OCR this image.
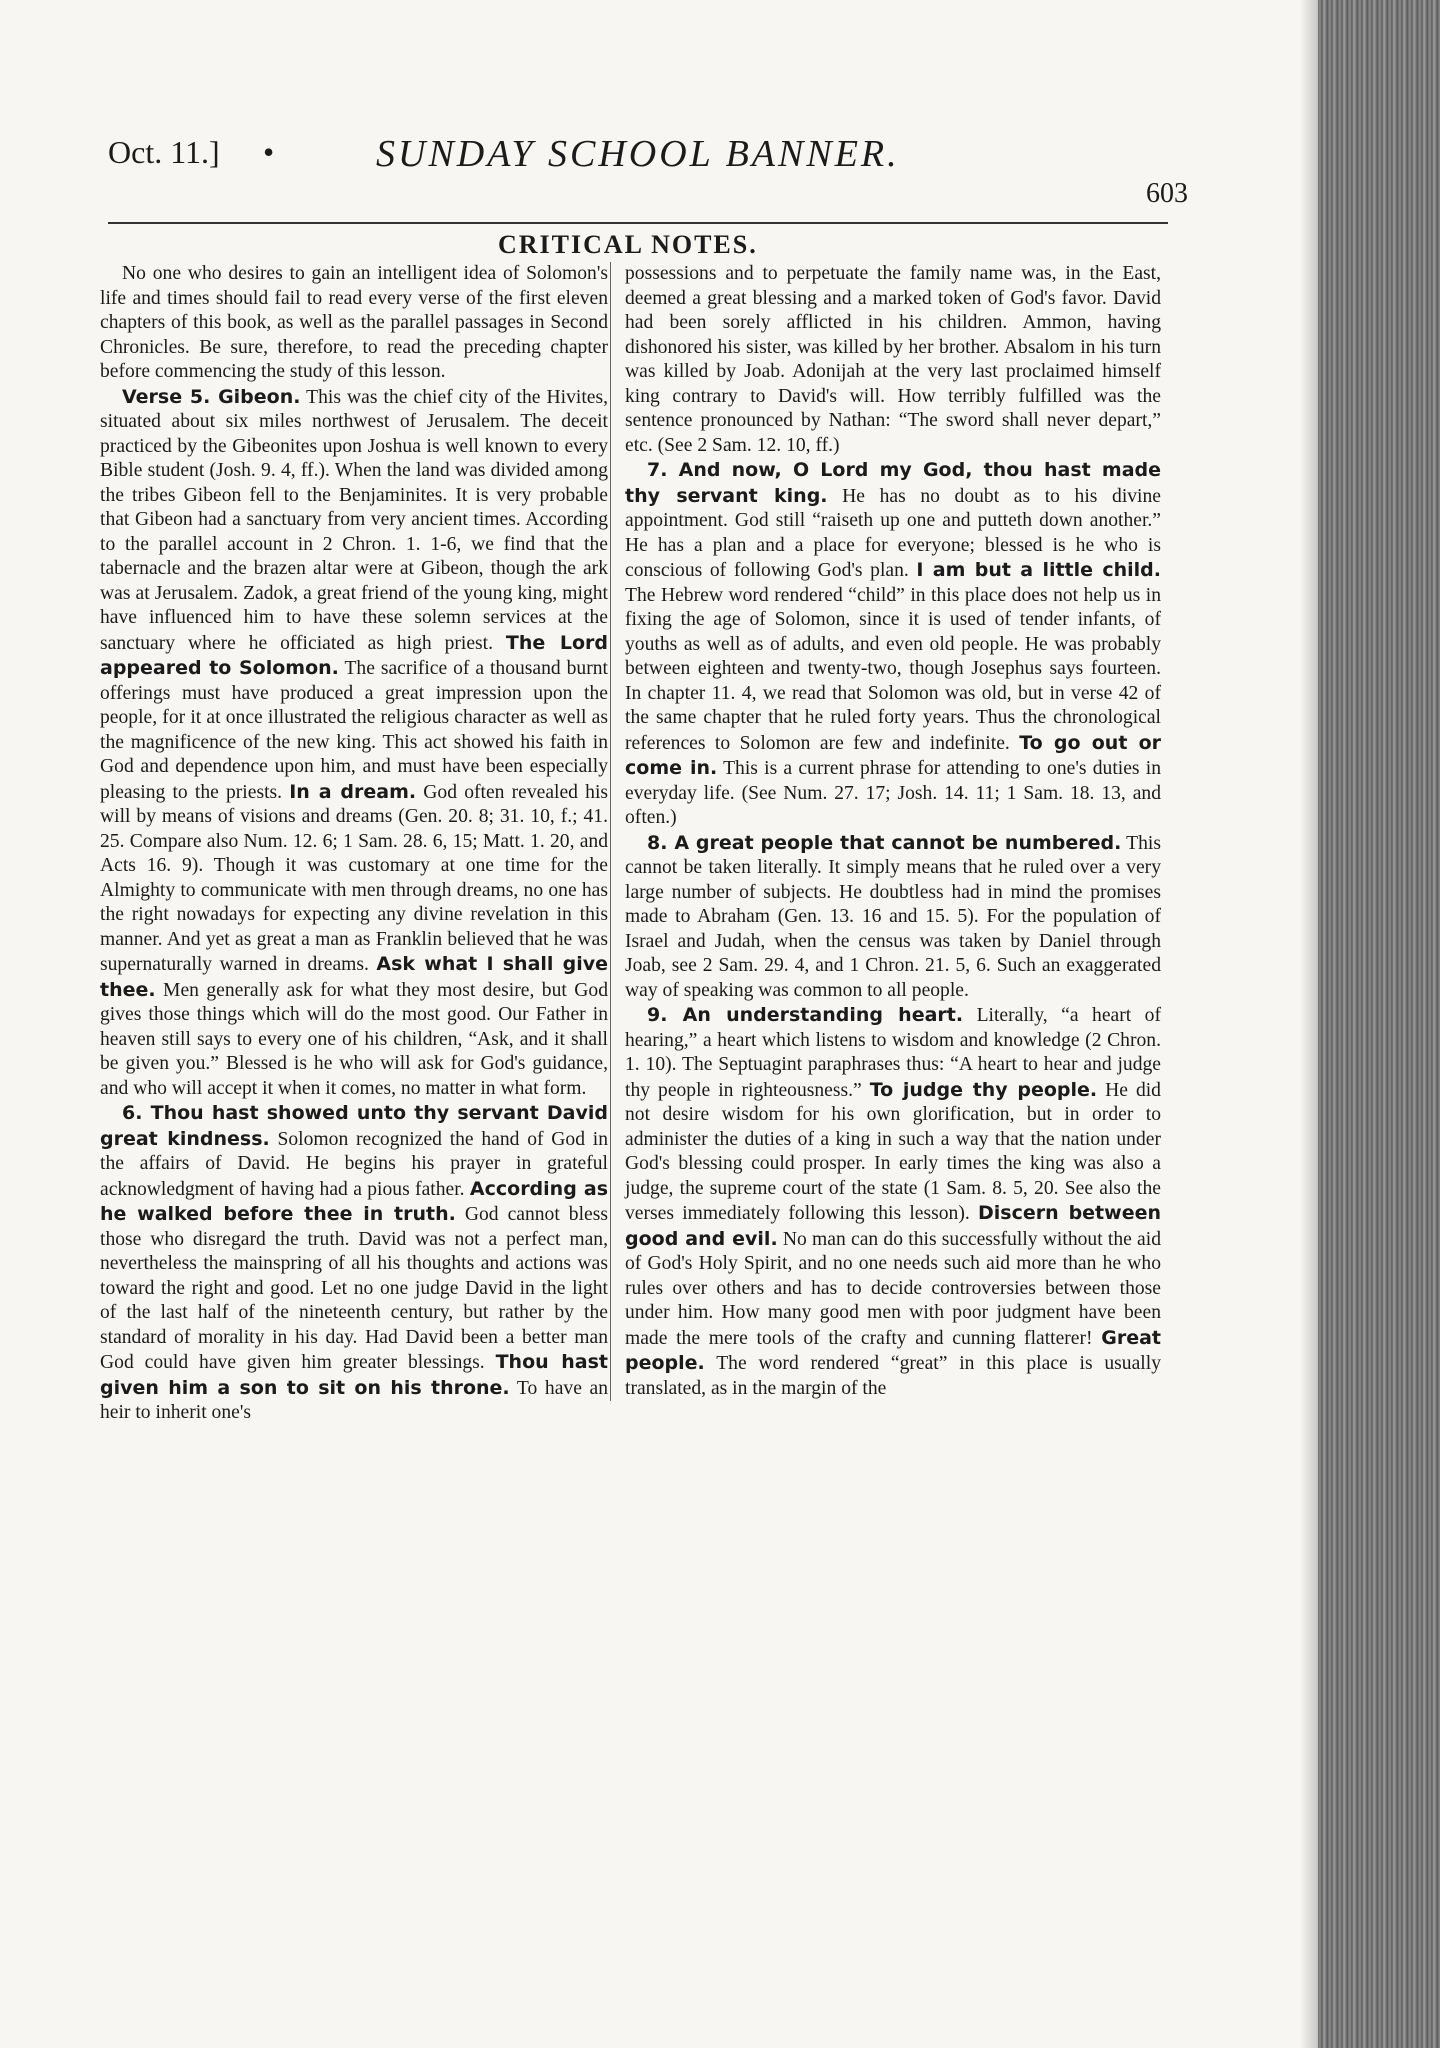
Oct. 11.] •	SUNDAY SCHOOL BANNER.
603
CRITICAL NOTES.

No one who desires to gain an intelligent idea of Solomon's life and times should fail to read every verse of the first eleven chapters of this book, as well as the parallel passages in Second Chronicles. Be sure, therefore, to read the preceding chapter before commencing the study of this lesson.

Verse 5. Gibeon. This was the chief city of the Hivites, situated about six miles northwest of Jerusalem. The deceit practiced by the Gibeonites upon Joshua is well known to every Bible student (Josh. 9. 4, ff.). When the land was divided among the tribes Gibeon fell to the Benjaminites. It is very probable that Gibeon had a sanctuary from very ancient times. According to the parallel account in 2 Chron. 1. 1-6, we find that the tabernacle and the brazen altar were at Gibeon, though the ark was at Jerusalem. Zadok, a great friend of the young king, might have influenced him to have these solemn services at the sanctuary where he officiated as high priest. The Lord appeared to Solomon. The sacrifice of a thousand burnt offerings must have produced a great impression upon the people, for it at once illustrated the religious character as well as the magnificence of the new king. This act showed his faith in God and dependence upon him, and must have been especially pleasing to the priests. In a dream. God often revealed his will by means of visions and dreams (Gen. 20. 8; 31. 10, f.; 41. 25. Compare also Num. 12. 6; 1 Sam. 28. 6, 15; Matt. 1. 20, and Acts 16. 9). Though it was customary at one time for the Almighty to communicate with men through dreams, no one has the right nowadays for expecting any divine revelation in this manner. And yet as great a man as Franklin believed that he was supernaturally warned in dreams. Ask what I shall give thee. Men generally ask for what they most desire, but God gives those things which will do the most good. Our Father in heaven still says to every one of his children, “Ask, and it shall be given you.” Blessed is he who will ask for God's guidance, and who will accept it when it comes, no matter in what form.

6. Thou hast showed unto thy servant David great kindness. Solomon recognized the hand of God in the affairs of David. He begins his prayer in grateful acknowledgment of having had a pious father. According as he walked before thee in truth. God cannot bless those who disregard the truth. David was not a perfect man, nevertheless the mainspring of all his thoughts and actions was toward the right and good. Let no one judge David in the light of the last half of the nineteenth century, but rather by the standard of morality in his day. Had David been a better man God could have given him greater blessings. Thou hast given him a son to sit on his throne. To have an heir to inherit one's

possessions and to perpetuate the family name was, in the East, deemed a great blessing and a marked token of God's favor. David had been sorely afflicted in his children. Ammon, having dishonored his sister, was killed by her brother. Absalom in his turn was killed by Joab. Adonijah at the very last proclaimed himself king contrary to David's will. How terribly fulfilled was the sentence pronounced by Nathan: “The sword shall never depart,” etc. (See 2 Sam. 12. 10, ff.)

7. And now, O Lord my God, thou hast made thy servant king. He has no doubt as to his divine appointment. God still “raiseth up one and putteth down another.” He has a plan and a place for everyone; blessed is he who is conscious of following God's plan. I am but a little child. The Hebrew word rendered “child” in this place does not help us in fixing the age of Solomon, since it is used of tender infants, of youths as well as of adults, and even old people. He was probably between eighteen and twenty-two, though Josephus says fourteen. In chapter 11. 4, we read that Solomon was old, but in verse 42 of the same chapter that he ruled forty years. Thus the chronological references to Solomon are few and indefinite. To go out or come in. This is a current phrase for attending to one's duties in everyday life. (See Num. 27. 17; Josh. 14. 11; 1 Sam. 18. 13, and often.)

8. A great people that cannot be numbered. This cannot be taken literally. It simply means that he ruled over a very large number of subjects. He doubtless had in mind the promises made to Abraham (Gen. 13. 16 and 15. 5). For the population of Israel and Judah, when the census was taken by Daniel through Joab, see 2 Sam. 29. 4, and 1 Chron. 21. 5, 6. Such an exaggerated way of speaking was common to all people.

9. An understanding heart. Literally, “a heart of hearing,” a heart which listens to wisdom and knowledge (2 Chron. 1. 10). The Septuagint paraphrases thus: “A heart to hear and judge thy people in righteousness.” To judge thy people. He did not desire wisdom for his own glorification, but in order to administer the duties of a king in such a way that the nation under God's blessing could prosper. In early times the king was also a judge, the supreme court of the state (1 Sam. 8. 5, 20. See also the verses immediately following this lesson). Discern between good and evil. No man can do this successfully without the aid of God's Holy Spirit, and no one needs such aid more than he who rules over others and has to decide controversies between those under him. How many good men with poor judgment have been made the mere tools of the crafty and cunning flatterer! Great people. The word rendered “great” in this place is usually translated, as in the margin of the
